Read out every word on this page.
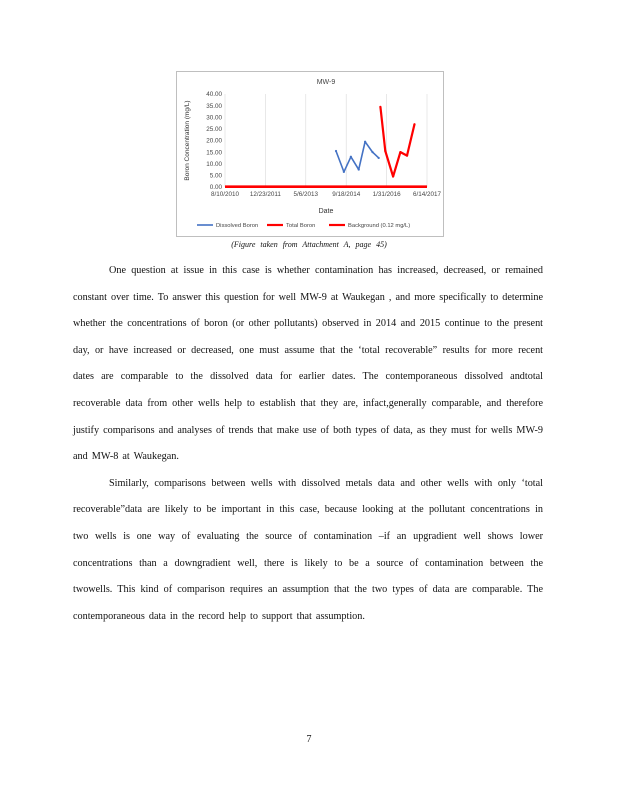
MW-9
8/10/2010 12/23/2011 5/6/2013 9/18/2014 1/31/2016 6/14/2017
0.00
5.00
10.00
15.00
20.00
25.00
30.00
35.00
40.00
Date
Boron Concentration (mg/L)
Dissolved Boron	Total Boron	Background (0.12 mg/L)
(Figure taken from Attachment A, page 45)

One question at issue in this case is whether contamination has increased, decreased, or remained constant over time. To answer this question for well MW-9 at Waukegan , and more specifically to determine whether the concentrations of boron (or other pollutants) observed in 2014 and 2015 continue to the present day, or have increased or decreased, one must assume that the ‘total recoverable” results for more recent dates are comparable to the dissolved data for earlier dates. The contemporaneous dissolved andtotal recoverable data from other wells help to establish that they are, infact,generally comparable, and therefore justify comparisons and analyses of trends that make use of both types of data, as they must for wells MW-9 and MW-8 at Waukegan.

Similarly, comparisons between wells with dissolved metals data and other wells with only ‘total recoverable”data are likely to be important in this case, because looking at the pollutant concentrations in two wells is one way of evaluating the source of contamination –if an upgradient well shows lower concentrations than a downgradient well, there is likely to be a source of contamination between the twowells. This kind of comparison requires an assumption that the two types of data are comparable. The contemporaneous data in the record help to support that assumption.

7
